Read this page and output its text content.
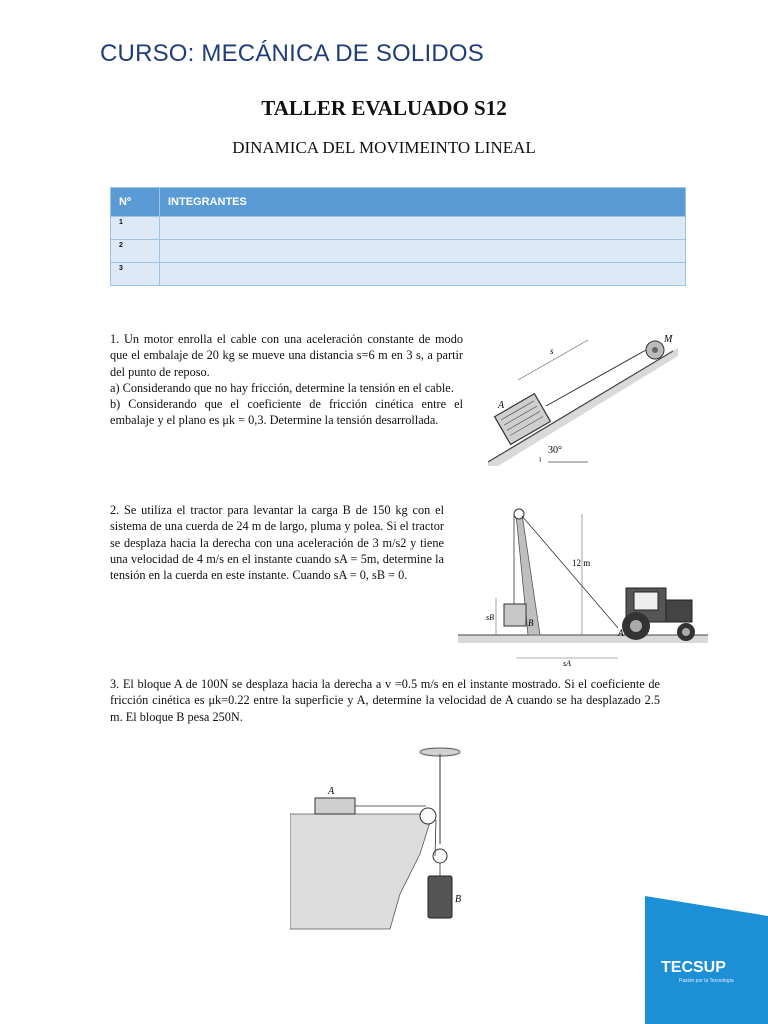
CURSO: MECÁNICA DE SOLIDOS
TALLER EVALUADO S12
DINAMICA DEL MOVIMEINTO LINEAL
Nº	INTEGRANTES
1	
2	
3	

1. Un motor enrolla el cable con una aceleración constante de modo que el embalaje de 20 kg se mueve una distancia s=6 m en 3 s, a partir del punto de reposo.

a) Considerando que no hay fricción, determine la tensión en el cable.

b) Considerando que el coeficiente de fricción cinética entre el embalaje y el plano es μk = 0,3. Determine la tensión desarrollada.

30°
A
s
M

2. Se utiliza el tractor para levantar la carga B de 150 kg con el sistema de una cuerda de 24 m de largo, pluma y polea. Si el tractor se desplaza hacia la derecha con una aceleración de 3 m/s2 y tiene una velocidad de 4 m/s en el instante cuando sA = 5m, determine la tensión en la cuerda en este instante. Cuando sA = 0, sB = 0.

B
sB
12 m
A
sA

3. El bloque A de 100N se desplaza hacia la derecha a v =0.5 m/s en el instante mostrado. Si el coeficiente de fricción cinética es μk=0.22 entre la superficie y A, determine la velocidad de A cuando se ha desplazado 2.5 m. El bloque B pesa 250N.

A
B
TECSUP
Pasión por la Tecnología
